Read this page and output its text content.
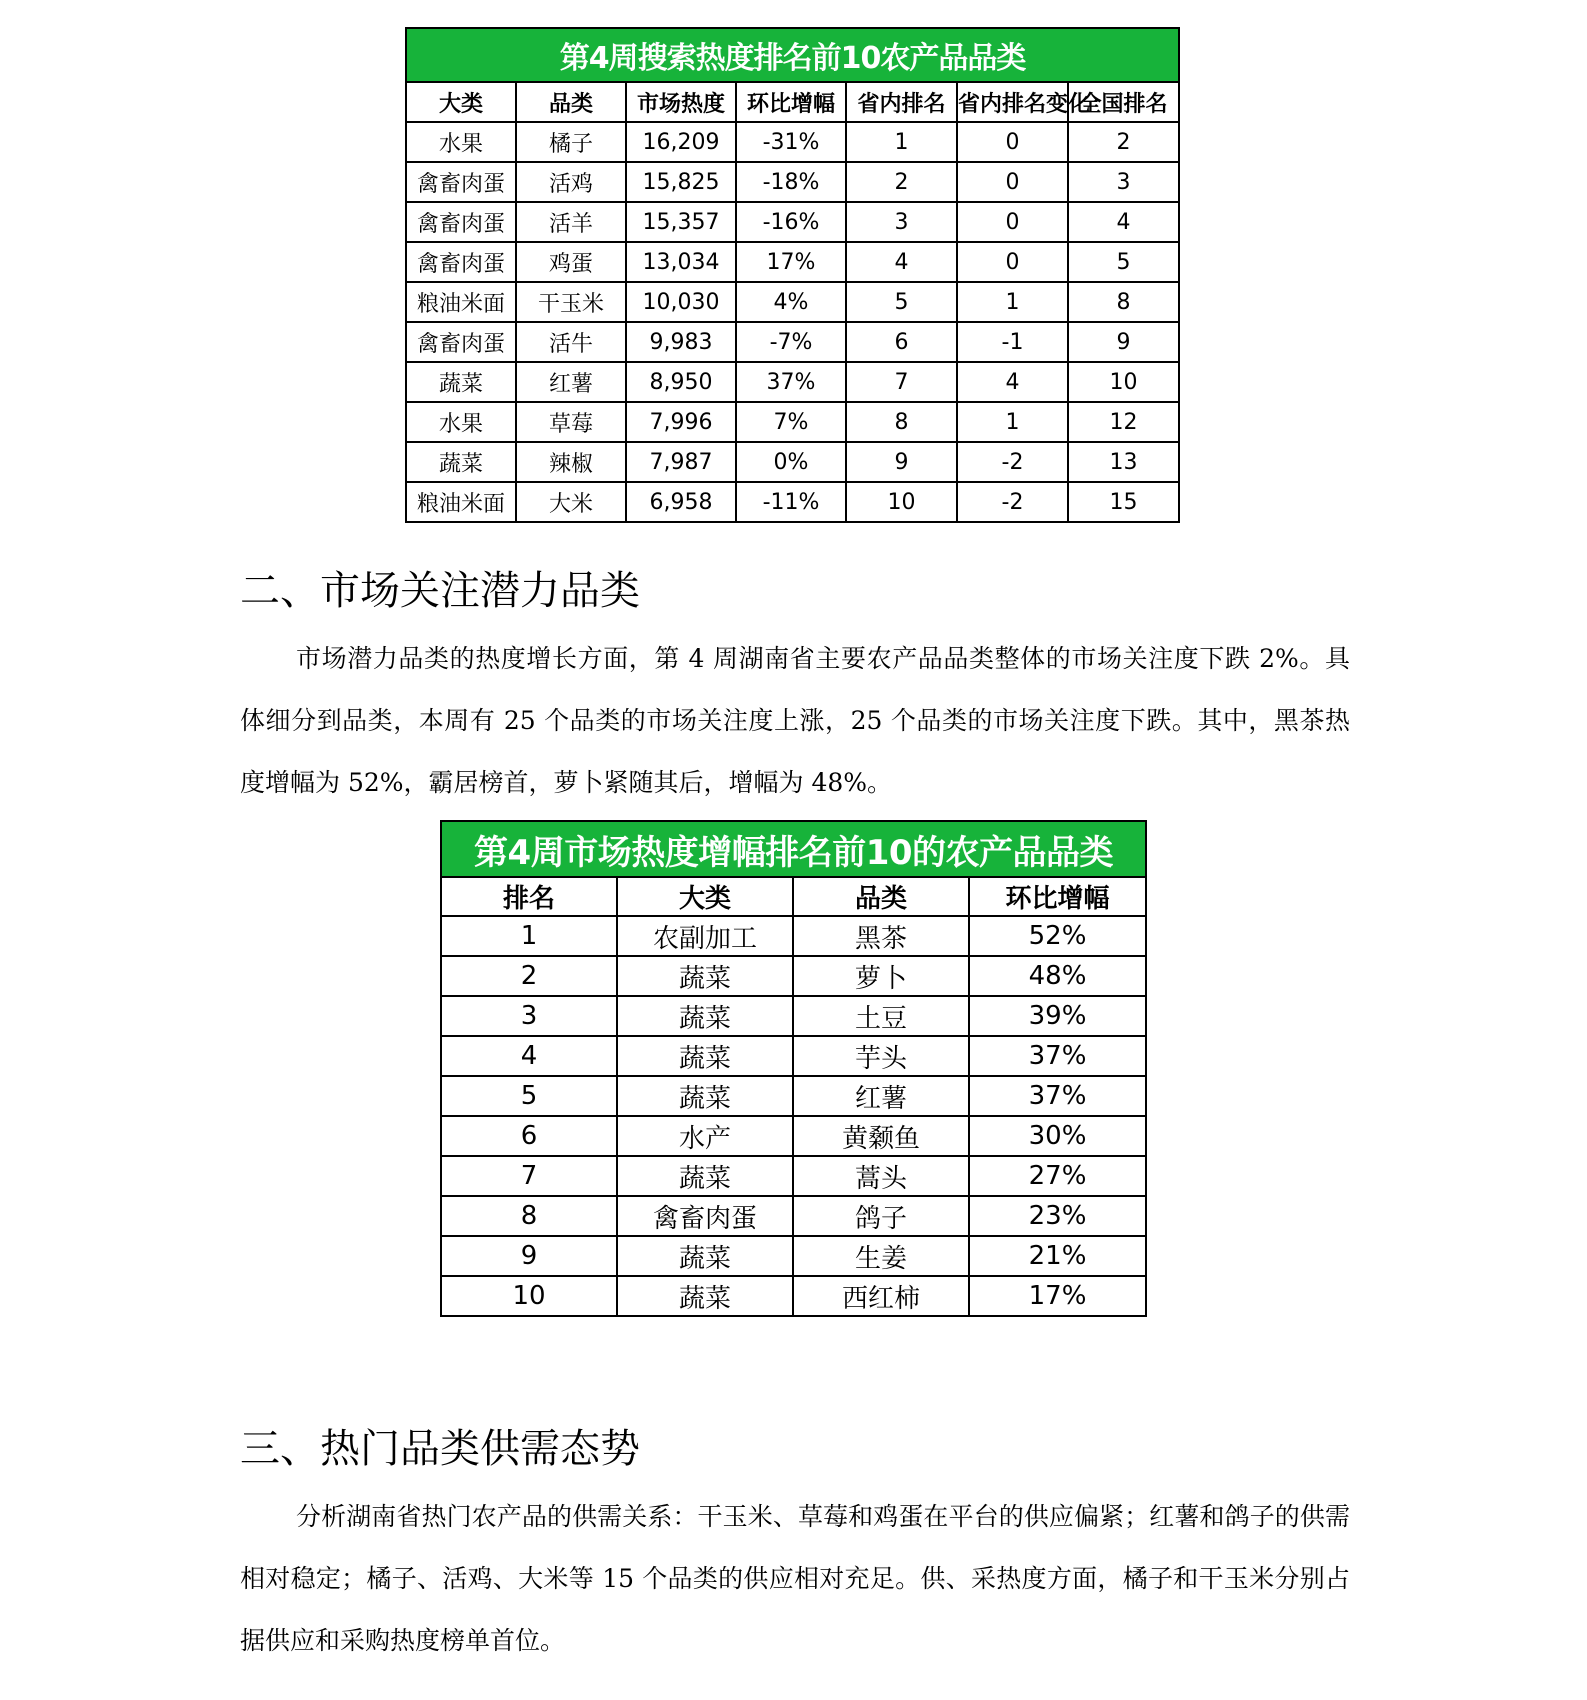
第4周搜索热度排名前10农产品品类						
大类	品类	市场热度	环比增幅	省内排名	省内排名变化	全国排名
水果	橘子	16,209	-31%	1	0	2
禽畜肉蛋	活鸡	15,825	-18%	2	0	3
禽畜肉蛋	活羊	15,357	-16%	3	0	4
禽畜肉蛋	鸡蛋	13,034	17%	4	0	5
粮油米面	干玉米	10,030	4%	5	1	8
禽畜肉蛋	活牛	9,983	-7%	6	-1	9
蔬菜	红薯	8,950	37%	7	4	10
水果	草莓	7,996	7%	8	1	12
蔬菜	辣椒	7,987	0%	9	-2	13
粮油米面	大米	6,958	-11%	10	-2	15
二、市场关注潜力品类

市场潜力品类的热度增长方面，第 4 周湖南省主要农产品品类整体的市场关注度下跌 2%。具体细分到品类，本周有 25 个品类的市场关注度上涨，25 个品类的市场关注度下跌。其中，黑茶热度增幅为 52%，霸居榜首，萝卜紧随其后，增幅为 48%。

第4周市场热度增幅排名前10的农产品品类			
排名	大类	品类	环比增幅
1	农副加工	黑茶	52%
2	蔬菜	萝卜	48%
3	蔬菜	土豆	39%
4	蔬菜	芋头	37%
5	蔬菜	红薯	37%
6	水产	黄颡鱼	30%
7	蔬菜	蒿头	27%
8	禽畜肉蛋	鸽子	23%
9	蔬菜	生姜	21%
10	蔬菜	西红柿	17%
三、热门品类供需态势

分析湖南省热门农产品的供需关系：干玉米、草莓和鸡蛋在平台的供应偏紧；红薯和鸽子的供需相对稳定；橘子、活鸡、大米等 15 个品类的供应相对充足。供、采热度方面，橘子和干玉米分别占据供应和采购热度榜单首位。
